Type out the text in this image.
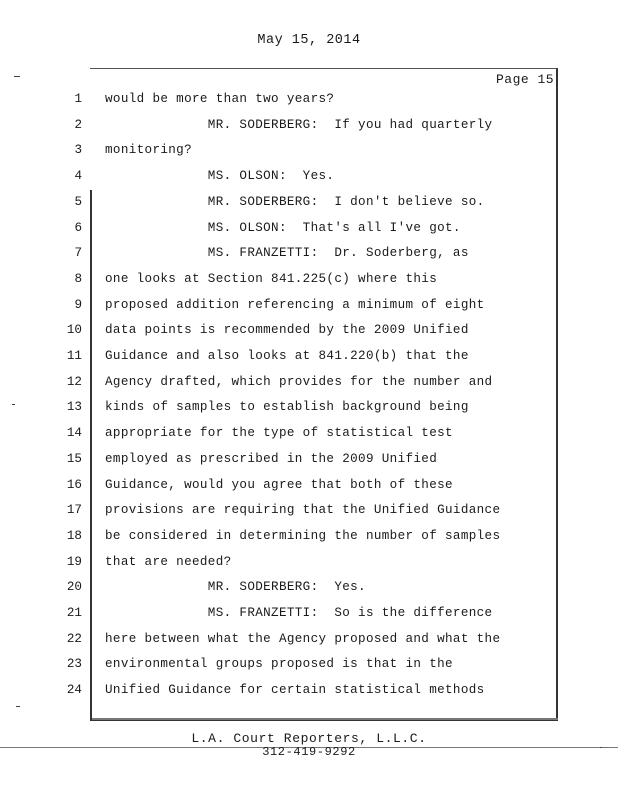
May 15, 2014
Page 15
1 would be more than two years?
2 MR. SODERBERG:  If you had quarterly
3 monitoring?
4 MS. OLSON:  Yes.
5 MR. SODERBERG:  I don't believe so.
6 MS. OLSON:  That's all I've got.
7 MS. FRANZETTI:  Dr. Soderberg, as
8 one looks at Section 841.225(c) where this
9 proposed addition referencing a minimum of eight
10 data points is recommended by the 2009 Unified
11 Guidance and also looks at 841.220(b) that the
12 Agency drafted, which provides for the number and
13 kinds of samples to establish background being
14 appropriate for the type of statistical test
15 employed as prescribed in the 2009 Unified
16 Guidance, would you agree that both of these
17 provisions are requiring that the Unified Guidance
18 be considered in determining the number of samples
19 that are needed?
20 MR. SODERBERG:  Yes.
21 MS. FRANZETTI:  So is the difference
22 here between what the Agency proposed and what the
23 environmental groups proposed is that in the
24 Unified Guidance for certain statistical methods
L.A. Court Reporters, L.L.C.
312-419-9292
